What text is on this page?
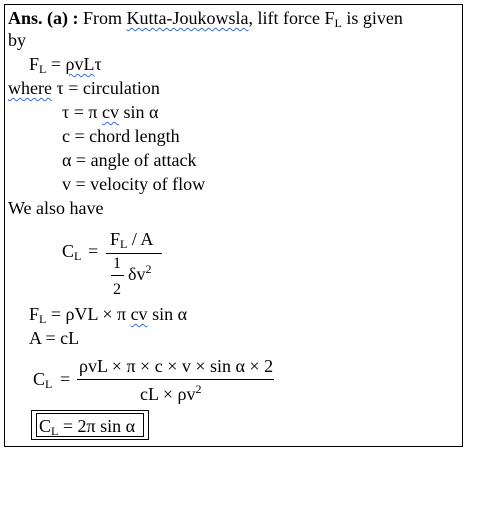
Ans. (a) : From Kutta-Joukowsla, lift force $F_L$ is given
by
$F_L = \rho vL\tau$
where τ = circulation
τ = π cv sin α
c = chord length
α = angle of attack
v = velocity of flow
We also have
$C_L$ =
$F_L$ / A
1
2
$\delta v^2$
$F_L = \rho VL \times \pi$ cv sin α
A = cL
$C_L$ =
ρvL × π × c × v × sin α × 2
cL × $\rho v^2$
$C_L = 2\pi$ sin α
